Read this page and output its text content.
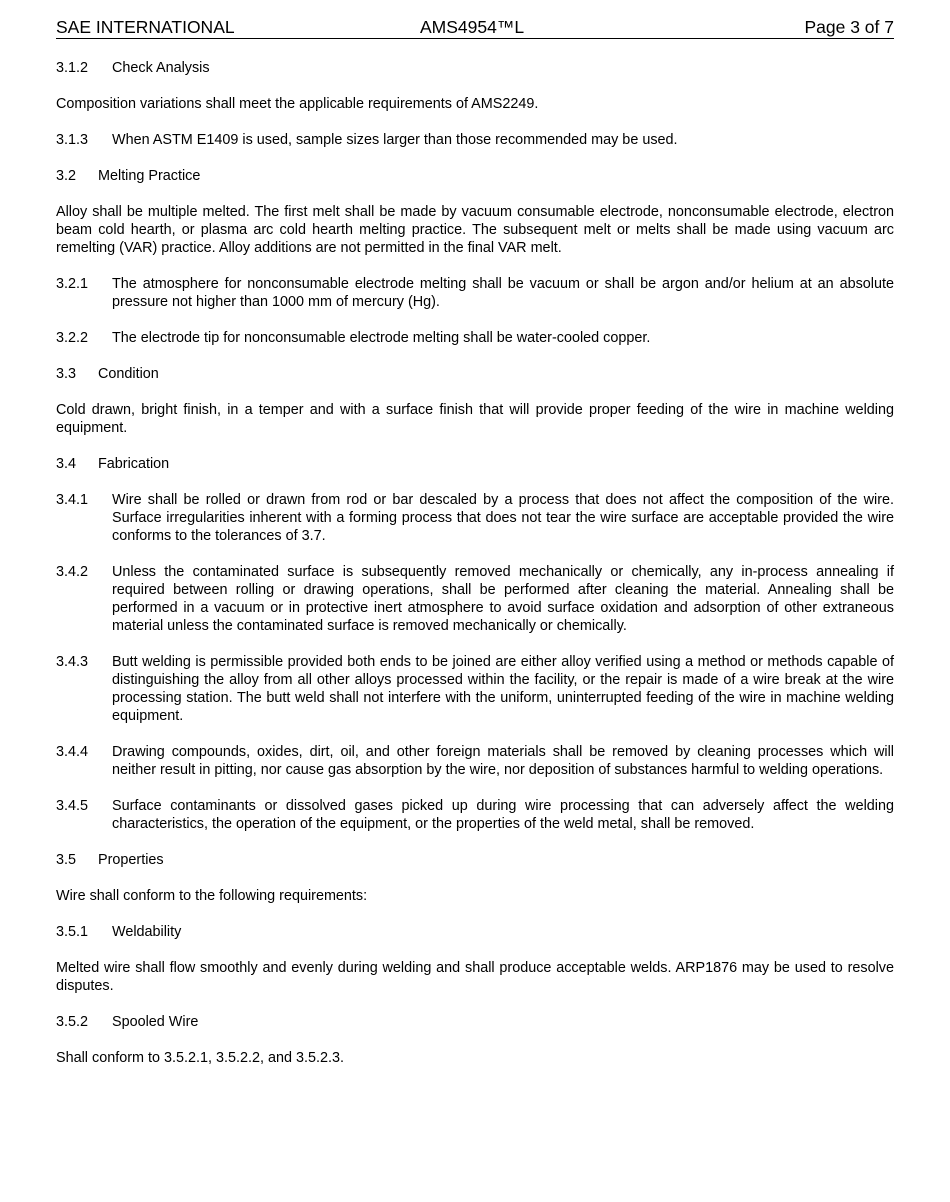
SAE INTERNATIONAL	AMS4954™L	Page 3 of 7
3.1.2	Check Analysis

Composition variations shall meet the applicable requirements of AMS2249.

3.1.3	When ASTM E1409 is used, sample sizes larger than those recommended may be used.
3.2	Melting Practice

Alloy shall be multiple melted. The first melt shall be made by vacuum consumable electrode, nonconsumable electrode, electron beam cold hearth, or plasma arc cold hearth melting practice. The subsequent melt or melts shall be made using vacuum arc remelting (VAR) practice. Alloy additions are not permitted in the final VAR melt.

3.2.1	The atmosphere for nonconsumable electrode melting shall be vacuum or shall be argon and/or helium at an absolute pressure not higher than 1000 mm of mercury (Hg).
3.2.2	The electrode tip for nonconsumable electrode melting shall be water-cooled copper.
3.3	Condition

Cold drawn, bright finish, in a temper and with a surface finish that will provide proper feeding of the wire in machine welding equipment.

3.4	Fabrication
3.4.1	Wire shall be rolled or drawn from rod or bar descaled by a process that does not affect the composition of the wire. Surface irregularities inherent with a forming process that does not tear the wire surface are acceptable provided the wire conforms to the tolerances of 3.7.
3.4.2	Unless the contaminated surface is subsequently removed mechanically or chemically, any in-process annealing if required between rolling or drawing operations, shall be performed after cleaning the material. Annealing shall be performed in a vacuum or in protective inert atmosphere to avoid surface oxidation and adsorption of other extraneous material unless the contaminated surface is removed mechanically or chemically.
3.4.3	Butt welding is permissible provided both ends to be joined are either alloy verified using a method or methods capable of distinguishing the alloy from all other alloys processed within the facility, or the repair is made of a wire break at the wire processing station. The butt weld shall not interfere with the uniform, uninterrupted feeding of the wire in machine welding equipment.
3.4.4	Drawing compounds, oxides, dirt, oil, and other foreign materials shall be removed by cleaning processes which will neither result in pitting, nor cause gas absorption by the wire, nor deposition of substances harmful to welding operations.
3.4.5	Surface contaminants or dissolved gases picked up during wire processing that can adversely affect the welding characteristics, the operation of the equipment, or the properties of the weld metal, shall be removed.
3.5	Properties

Wire shall conform to the following requirements:

3.5.1	Weldability

Melted wire shall flow smoothly and evenly during welding and shall produce acceptable welds. ARP1876 may be used to resolve disputes.

3.5.2	Spooled Wire

Shall conform to 3.5.2.1, 3.5.2.2, and 3.5.2.3.
